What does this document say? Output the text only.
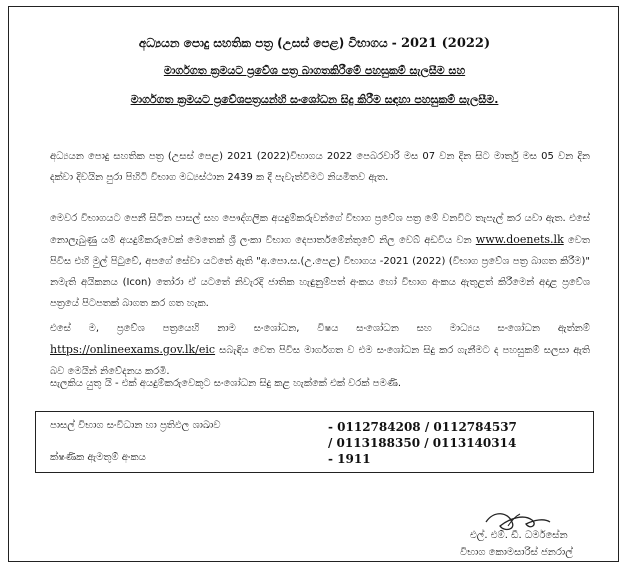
අධ්‍යයන පොදු සහතික පත්‍ර (උසස් පෙළ) විභාගය - 2021 (2022)
මාර්ගගත ක්‍රමයට ප්‍රවේශ පත්‍ර බාගතකිරීමේ පහසුකම් සැලසීම සහ
මාර්ගගත ක්‍රමයට ප්‍රවේශපත්‍රයන්හි සංශෝධන සිදු කිරීම සඳහා පහසුකම් සැලසීම.
අධ්‍යයන පොදු සහතික පත්‍ර (උසස් පෙළ) 2021 (2022)විභාගය 2022 පෙබරවාරි මස 07 වන දින සිට මාර්තු මස 05 වන දින දක්වා දිවයින පුරා පිහිටි විභාග මධ්‍යස්ථාන 2439 ක දී පැවැත්වීමට නියමිතව ඇත.
මෙවර විභාගයට පෙනී සිටින පාසල් සහ පෞද්ගලික අයදුම්කරුවන්ගේ විභාග ප්‍රවේශ පත්‍ර මේ වනවිට තැපැල් කර යවා ඇත. එසේ නොලැබුණු යම් අයදුම්කරුවෙක් මෙතෙක් ශ්‍රී ලංකා විභාග දෙපාර්තමේන්තුවේ නිල වෙබ් අඩවිය වන www.doenets.lk වෙත පිවිස එහි මුල් පිටුවේ, අපගේ සේවා යටතේ ඇති "අ.පො.ස.(උ.පෙළ) විභාගය -2021 (2022) (විභාග ප්‍රවේශ පත්‍ර බාගත කිරීම)" නමැති අයිකනය (Icon) තෝරා ඒ යටතේ නිවැරදි ජාතික හැඳුනුම්පත් අංකය හෝ විභාග අංකය ඇතුළත් කිරීමෙන් අදාළ ප්‍රවේශ පත්‍රයේ පිටපතක් බාගත කර ගත හැක.
එසේ ම, ප්‍රවේශ පත්‍රයෙහි නාම සංශෝධන, විෂය සංශෝධන සහ මාධ්‍යය සංශෝධන ඇත්නම් https://onlineexams.gov.lk/eic සබැඳිය වෙත පිවිස මාර්ගගත ව එම සංශෝධන සිදු කර ගැනීමට ද පහසුකම් සලසා ඇති බව මෙයින් නිවේදනය කරමි.
සැලකිය යුතු යි - එක් අයදුම්කරුවෙකුට සංශෝධන සිදු කළ හැක්කේ එක් වරක් පමණි.
පාසල් විභාග සංවිධාන හා ප්‍රතිඵල ශාඛාව	- 0112784208 / 0112784537
/ 0113188350 / 0113140314
ක්ෂණික ඇමතුම් අංකය	- 1911
එල්. එම්. ඩී. ධර්මසේන
විභාග කොමසාරිස් ජනරාල්
